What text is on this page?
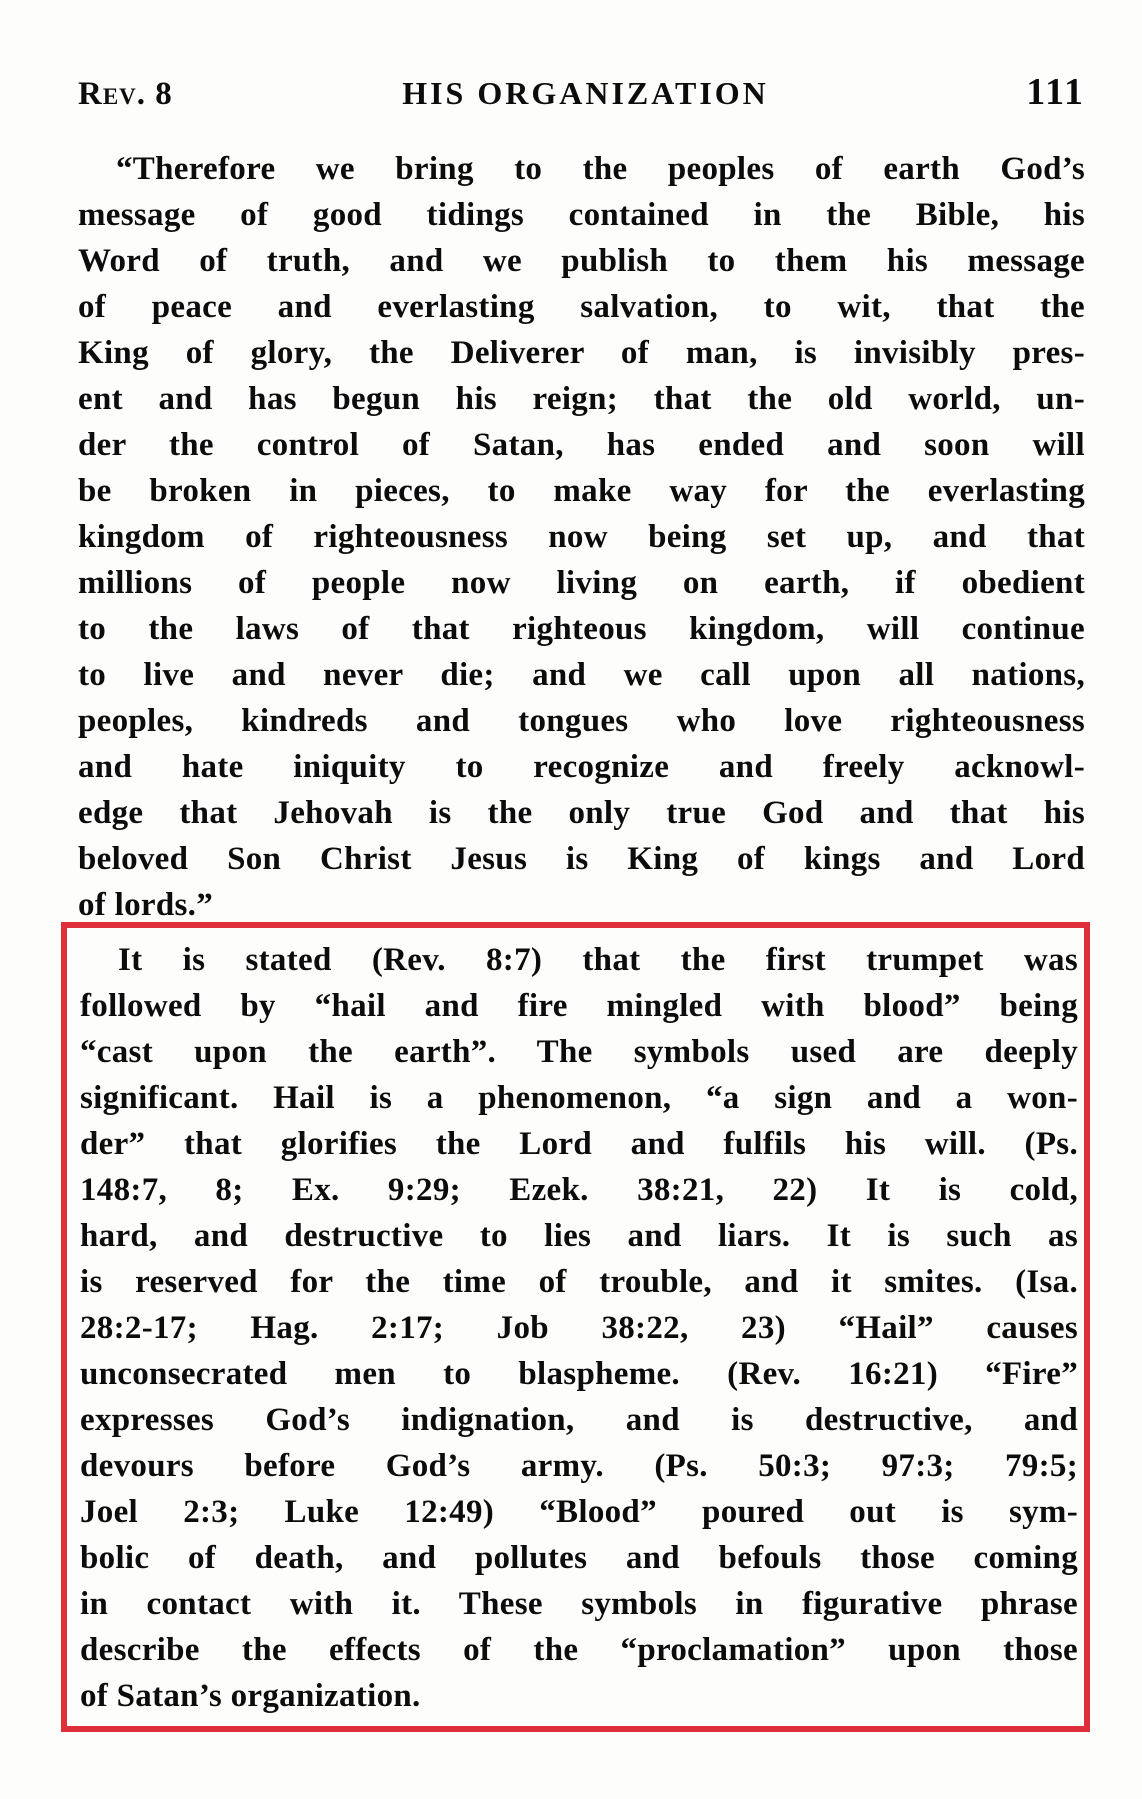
Rev. 8	HIS ORGANIZATION	111
“Therefore we bring to the peoples of earth God’s
message of good tidings contained in the Bible, his
Word of truth, and we publish to them his message
of peace and everlasting salvation, to wit, that the
King of glory, the Deliverer of man, is invisibly pres-
ent and has begun his reign; that the old world, un-
der the control of Satan, has ended and soon will
be broken in pieces, to make way for the everlasting
kingdom of righteousness now being set up, and that
millions of people now living on earth, if obedient
to the laws of that righteous kingdom, will continue
to live and never die; and we call upon all nations,
peoples, kindreds and tongues who love righteousness
and hate iniquity to recognize and freely acknowl-
edge that Jehovah is the only true God and that his
beloved Son Christ Jesus is King of kings and Lord
of lords.”
It is stated (Rev. 8:7) that the first trumpet was
followed by “hail and fire mingled with blood” being
“cast upon the earth”. The symbols used are deeply
significant. Hail is a phenomenon, “a sign and a won-
der” that glorifies the Lord and fulfils his will. (Ps.
148:7, 8; Ex. 9:29; Ezek. 38:21, 22) It is cold,
hard, and destructive to lies and liars. It is such as
is reserved for the time of trouble, and it smites. (Isa.
28:2-17; Hag. 2:17; Job 38:22, 23) “Hail” causes
unconsecrated men to blaspheme. (Rev. 16:21) “Fire”
expresses God’s indignation, and is destructive, and
devours before God’s army. (Ps. 50:3; 97:3; 79:5;
Joel 2:3; Luke 12:49) “Blood” poured out is sym-
bolic of death, and pollutes and befouls those coming
in contact with it. These symbols in figurative phrase
describe the effects of the “proclamation” upon those
of Satan’s organization.
